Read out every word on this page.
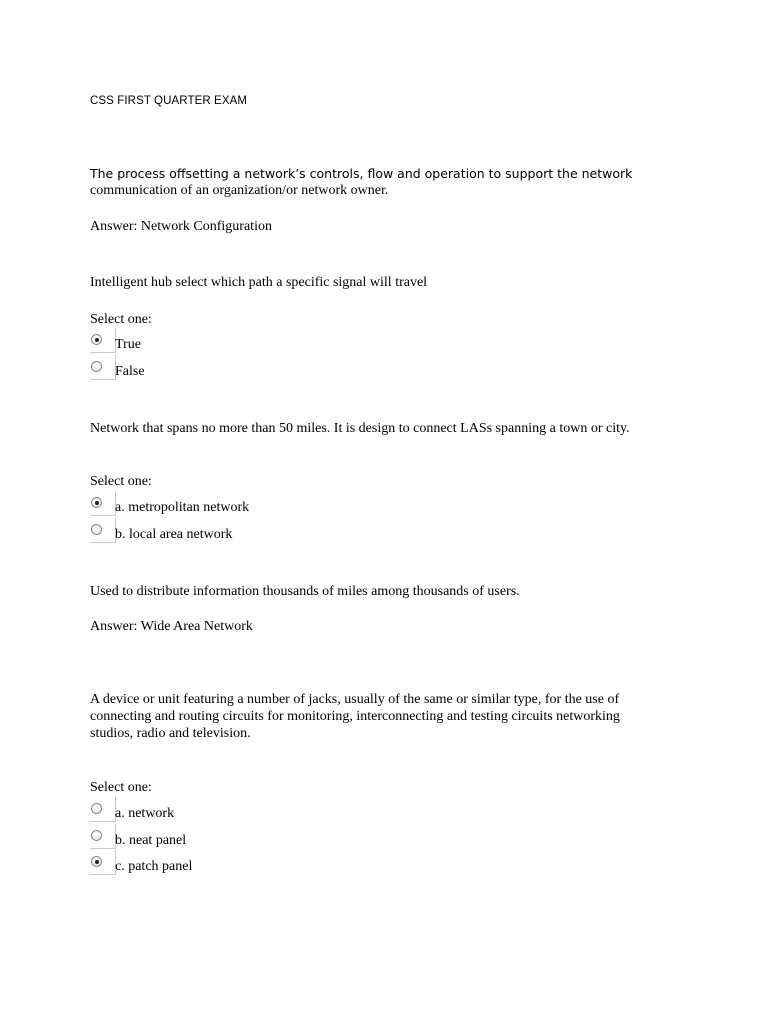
CSS FIRST QUARTER EXAM
The process offsetting a network’s controls, flow and operation to support the network
communication of an organization/or network owner.
Answer: Network Configuration
Intelligent hub select which path a specific signal will travel
Select one:
True
False
Network that spans no more than 50 miles. It is design to connect LASs spanning a town or city.
Select one:
a. metropolitan network
b. local area network
Used to distribute information thousands of miles among thousands of users.
Answer: Wide Area Network
A device or unit featuring a number of jacks, usually of the same or similar type, for the use of
connecting and routing circuits for monitoring, interconnecting and testing circuits networking
studios, radio and television.
Select one:
a. network
b. neat panel
c. patch panel
